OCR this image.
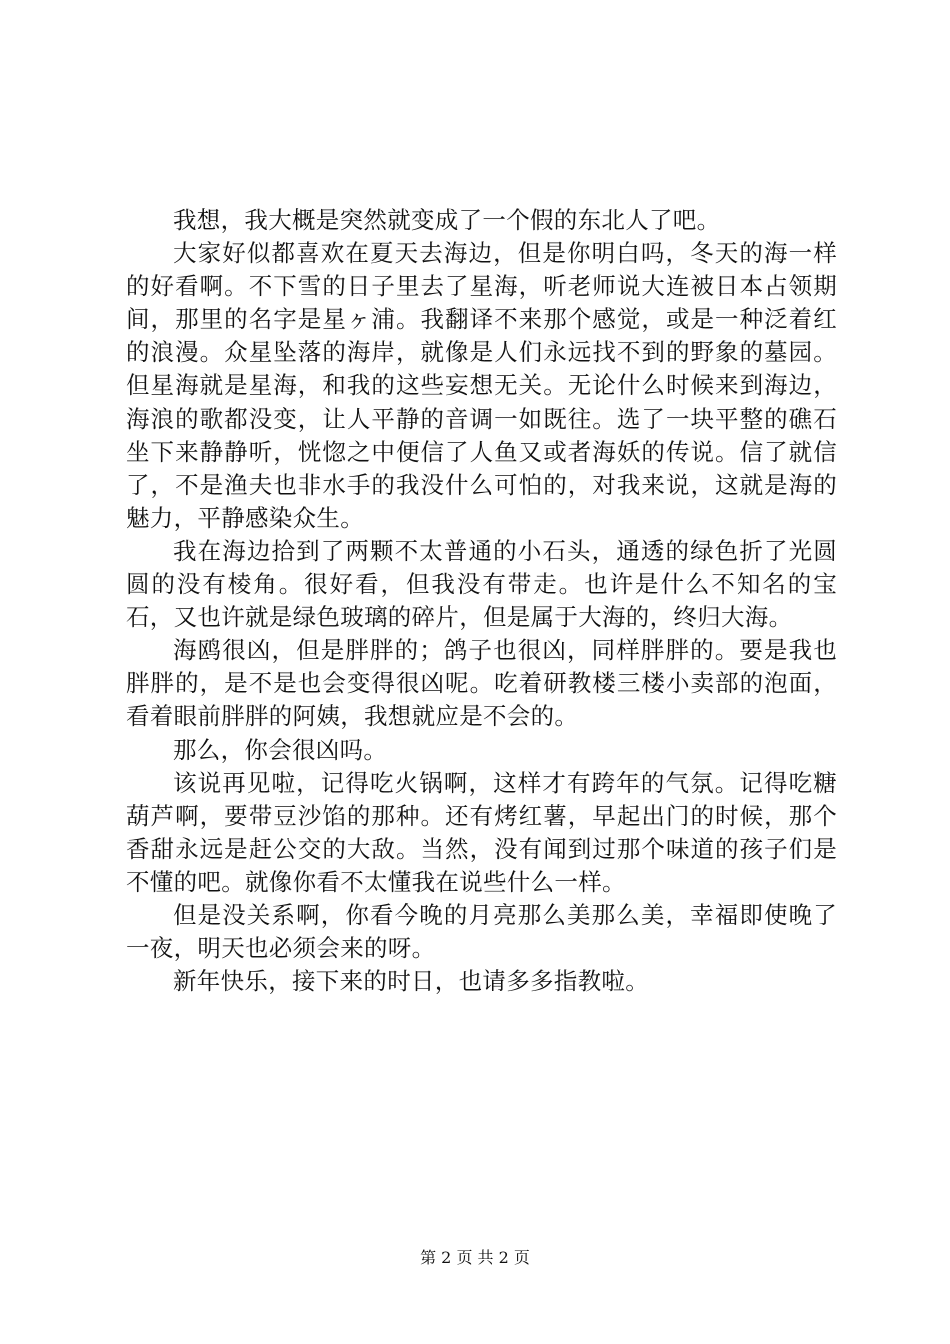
我想，我大概是突然就变成了一个假的东北人了吧。

大家好似都喜欢在夏天去海边，但是你明白吗，冬天的海一样的好看啊。不下雪的日子里去了星海，听老师说大连被日本占领期间，那里的名字是星ヶ浦。我翻译不来那个感觉，或是一种泛着红的浪漫。众星坠落的海岸，就像是人们永远找不到的野象的墓园。但星海就是星海，和我的这些妄想无关。无论什么时候来到海边，海浪的歌都没变，让人平静的音调一如既往。选了一块平整的礁石坐下来静静听，恍惚之中便信了人鱼又或者海妖的传说。信了就信了，不是渔夫也非水手的我没什么可怕的，对我来说，这就是海的魅力，平静感染众生。

我在海边拾到了两颗不太普通的小石头，通透的绿色折了光圆圆的没有棱角。很好看，但我没有带走。也许是什么不知名的宝石，又也许就是绿色玻璃的碎片，但是属于大海的，终归大海。

海鸥很凶，但是胖胖的；鸽子也很凶，同样胖胖的。要是我也胖胖的，是不是也会变得很凶呢。吃着研教楼三楼小卖部的泡面，看着眼前胖胖的阿姨，我想就应是不会的。

那么，你会很凶吗。

该说再见啦，记得吃火锅啊，这样才有跨年的气氛。记得吃糖葫芦啊，要带豆沙馅的那种。还有烤红薯，早起出门的时候，那个香甜永远是赶公交的大敌。当然，没有闻到过那个味道的孩子们是不懂的吧。就像你看不太懂我在说些什么一样。

但是没关系啊，你看今晚的月亮那么美那么美，幸福即使晚了一夜，明天也必须会来的呀。

新年快乐，接下来的时日，也请多多指教啦。

第 2 页 共 2 页
